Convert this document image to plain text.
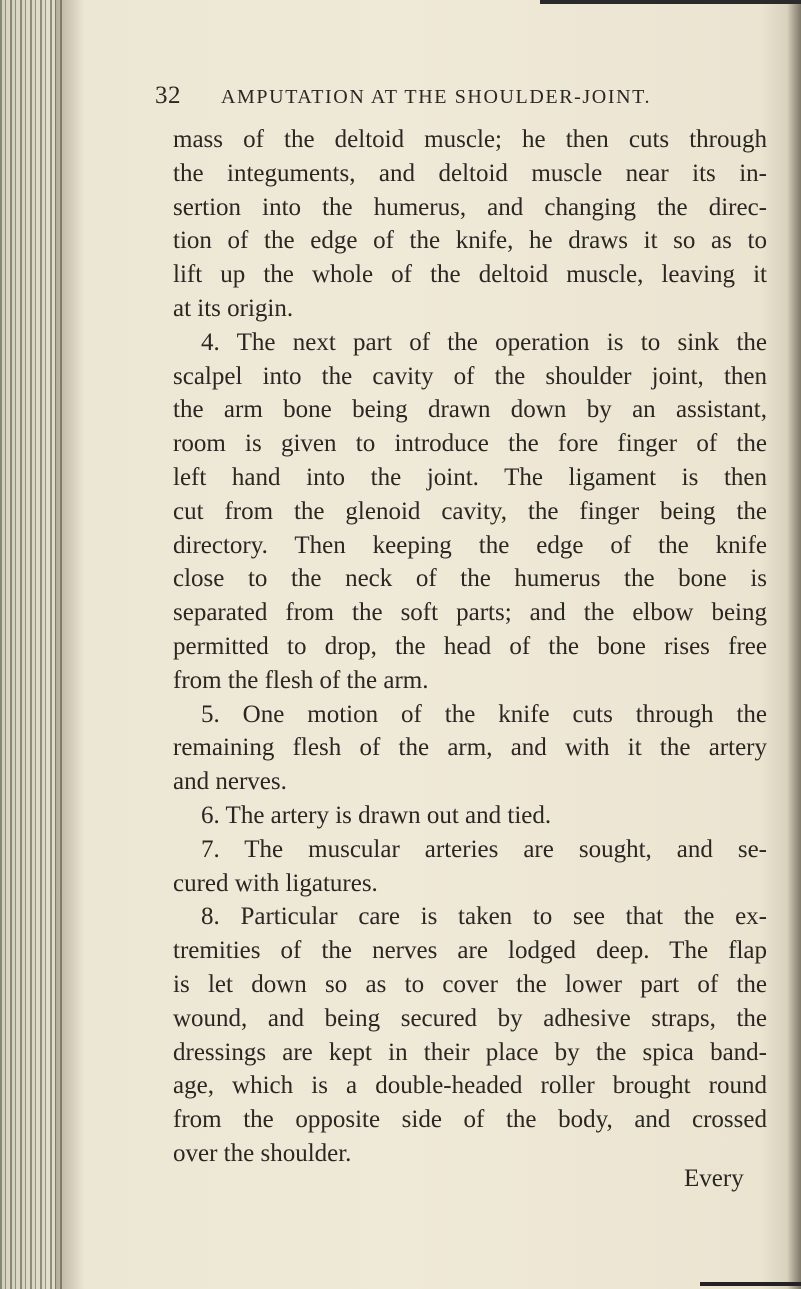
32 AMPUTATION AT THE SHOULDER-JOINT.
mass of the deltoid muscle; he then cuts through
the integuments, and deltoid muscle near its in-
sertion into the humerus, and changing the direc-
tion of the edge of the knife, he draws it so as to
lift up the whole of the deltoid muscle, leaving it
at its origin.
4. The next part of the operation is to sink the
scalpel into the cavity of the shoulder joint, then
the arm bone being drawn down by an assistant,
room is given to introduce the fore finger of the
left hand into the joint. The ligament is then
cut from the glenoid cavity, the finger being the
directory. Then keeping the edge of the knife
close to the neck of the humerus the bone is
separated from the soft parts; and the elbow being
permitted to drop, the head of the bone rises free
from the flesh of the arm.
5. One motion of the knife cuts through the
remaining flesh of the arm, and with it the artery
and nerves.
6. The artery is drawn out and tied.
7. The muscular arteries are sought, and se-
cured with ligatures.
8. Particular care is taken to see that the ex-
tremities of the nerves are lodged deep. The flap
is let down so as to cover the lower part of the
wound, and being secured by adhesive straps, the
dressings are kept in their place by the spica band-
age, which is a double-headed roller brought round
from the opposite side of the body, and crossed
over the shoulder.
Every
